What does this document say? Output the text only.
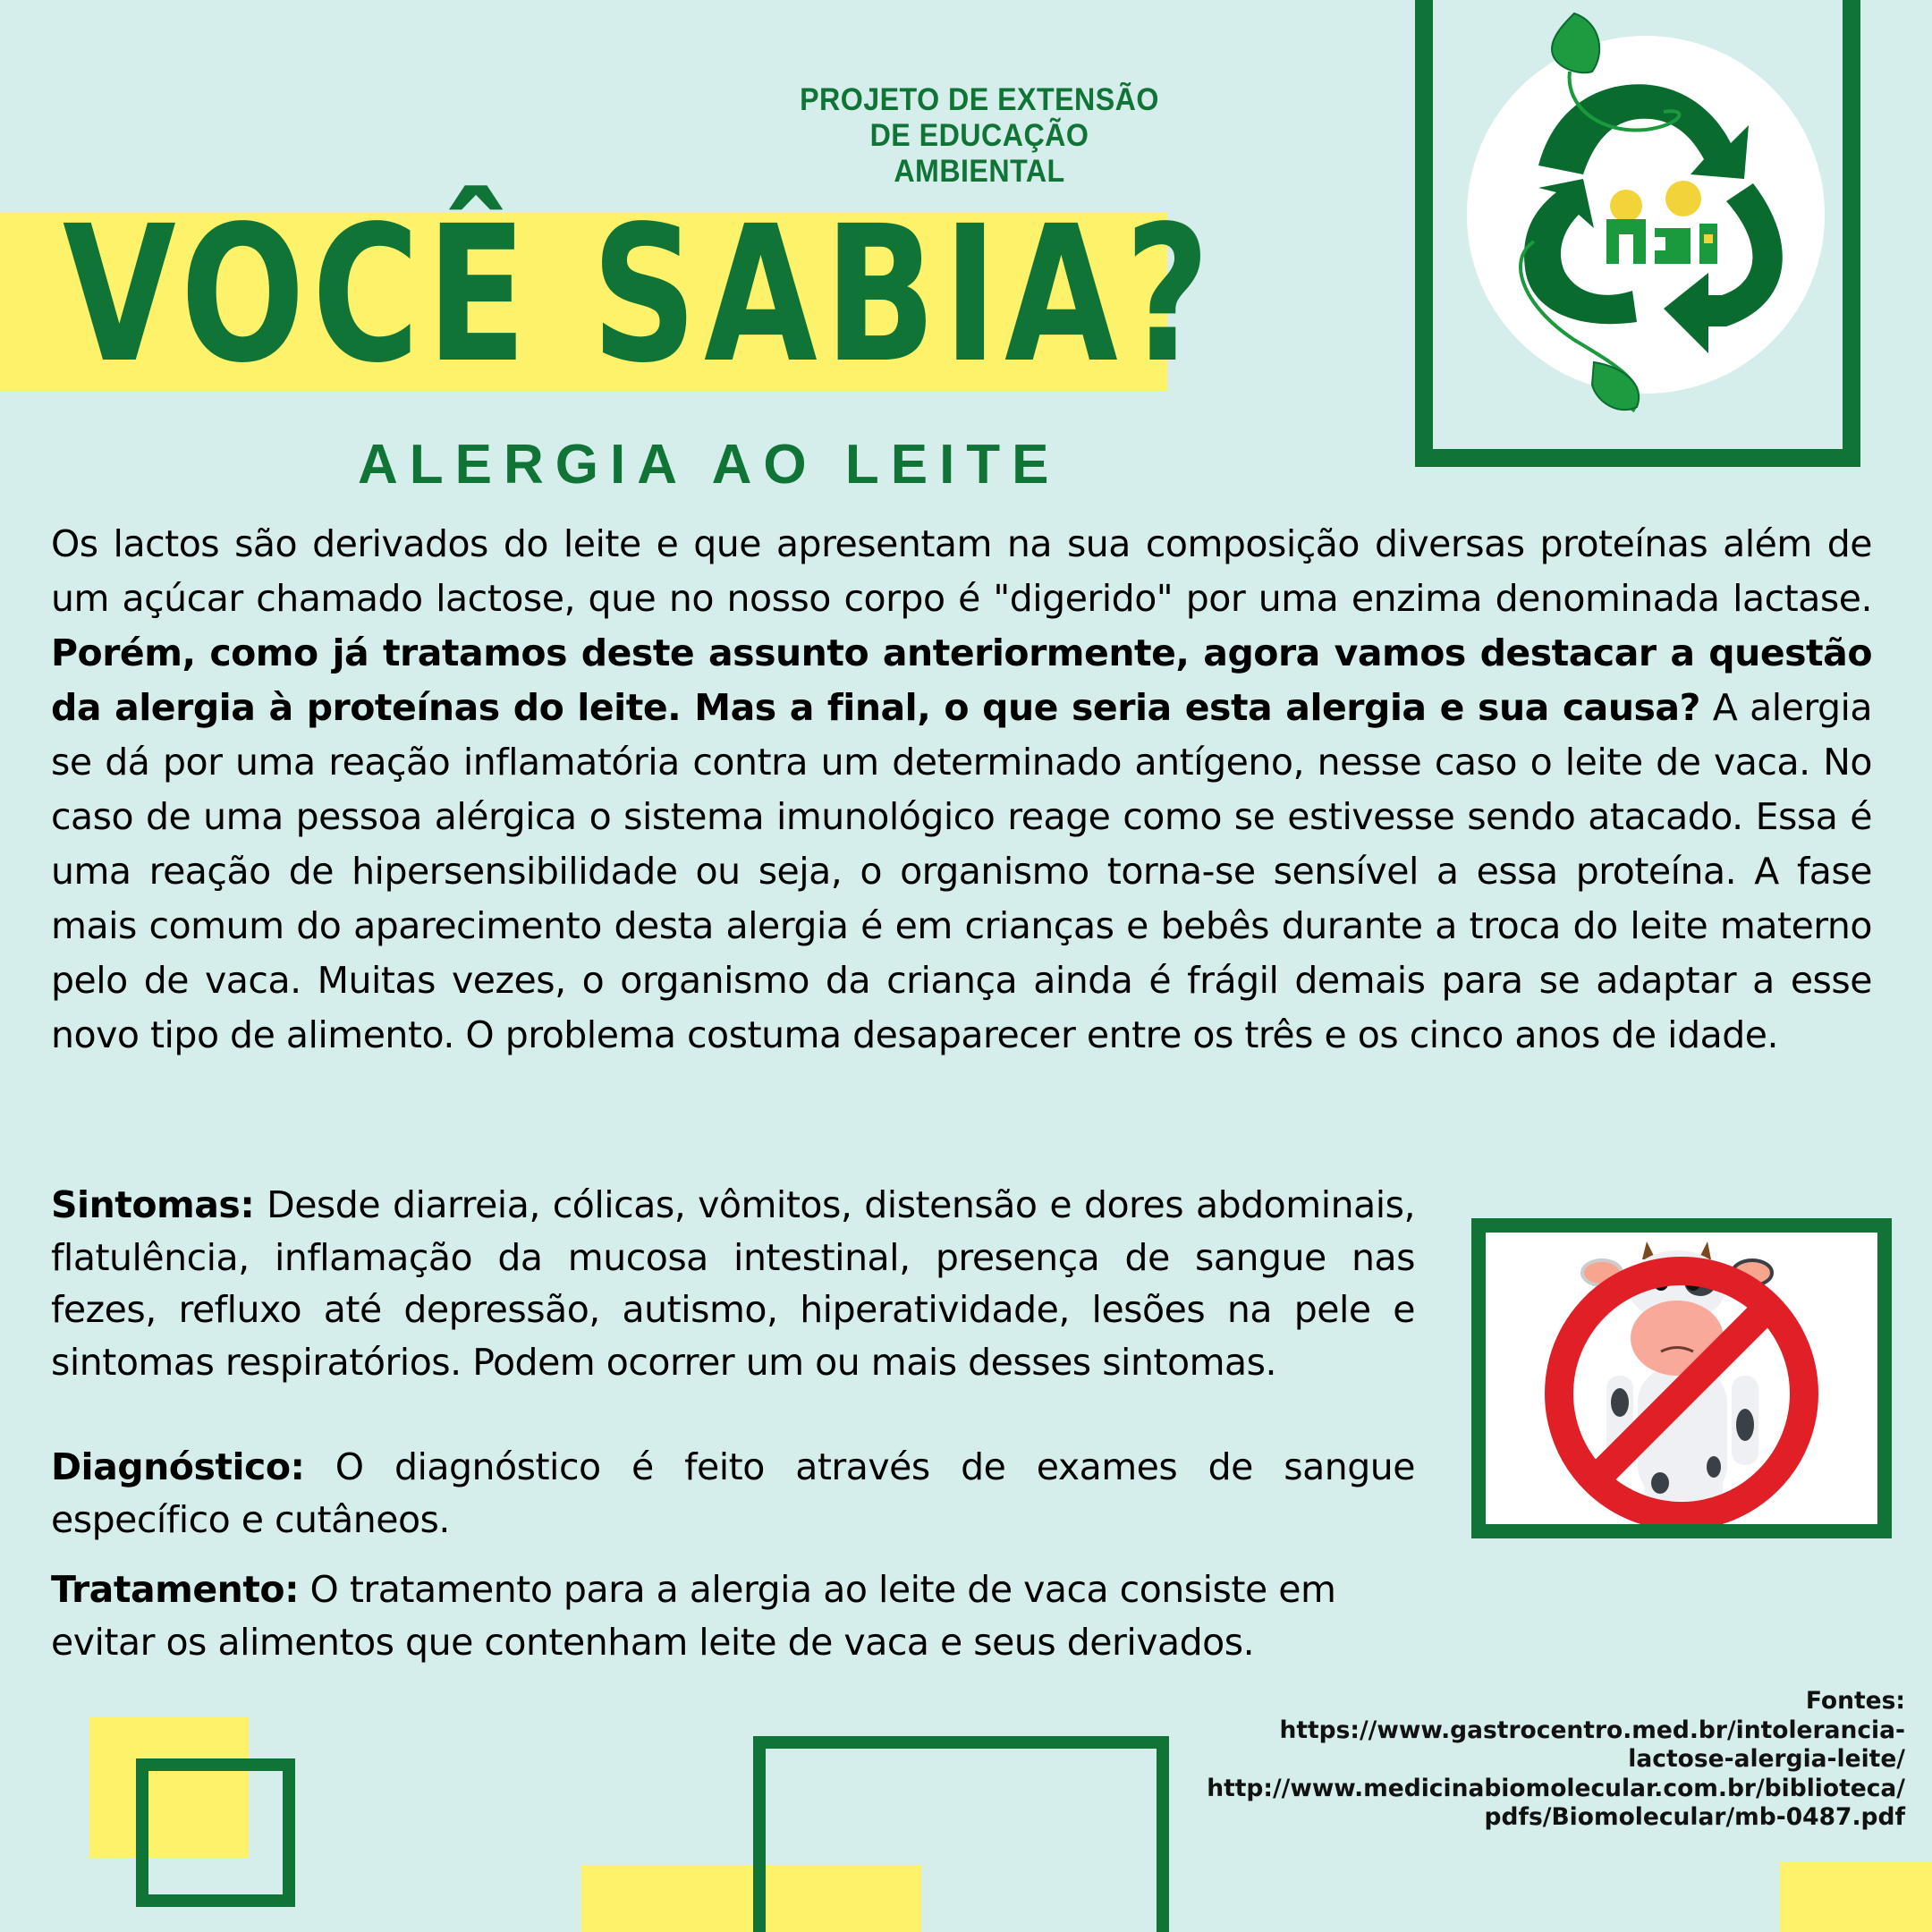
PROJETO DE EXTENSÃO
DE EDUCAÇÃO AMBIENTAL
VOCÊ SABIA?
ALERGIA AO LEITE
Os lactos são derivados do leite e que apresentam na sua composição diversas proteínas além de um açúcar chamado lactose, que no nosso corpo é "digerido" por uma enzima denominada lactase. Porém, como já tratamos deste assunto anteriormente, agora vamos destacar a questão da alergia à proteínas do leite. Mas a final, o que seria esta alergia e sua causa? A alergia se dá por uma reação inflamatória contra um determinado antígeno, nesse caso o leite de vaca. No caso de uma pessoa alérgica o sistema imunológico reage como se estivesse sendo atacado. Essa é uma reação de hipersensibilidade ou seja, o organismo torna-se sensível a essa proteína. A fase mais comum do aparecimento desta alergia é em crianças e bebês durante a troca do leite materno pelo de vaca. Muitas vezes, o organismo da criança ainda é frágil demais para se adaptar a esse novo tipo de alimento. O problema costuma desaparecer entre os três e os cinco anos de idade.
Sintomas: Desde diarreia, cólicas, vômitos, distensão e dores abdominais, flatulência, inflamação da mucosa intestinal, presença de sangue nas fezes, refluxo até depressão, autismo, hiperatividade, lesões na pele e sintomas respiratórios. Podem ocorrer um ou mais desses sintomas.
Diagnóstico: O diagnóstico é feito através de exames de sangue específico e cutâneos.
Tratamento: O tratamento para a alergia ao leite de vaca consiste em evitar os alimentos que contenham leite de vaca e seus derivados.
Fontes:
https://www.gastrocentro.med.br/intolerancia-
lactose-alergia-leite/
http://www.medicinabiomolecular.com.br/biblioteca/
pdfs/Biomolecular/mb-0487.pdf
